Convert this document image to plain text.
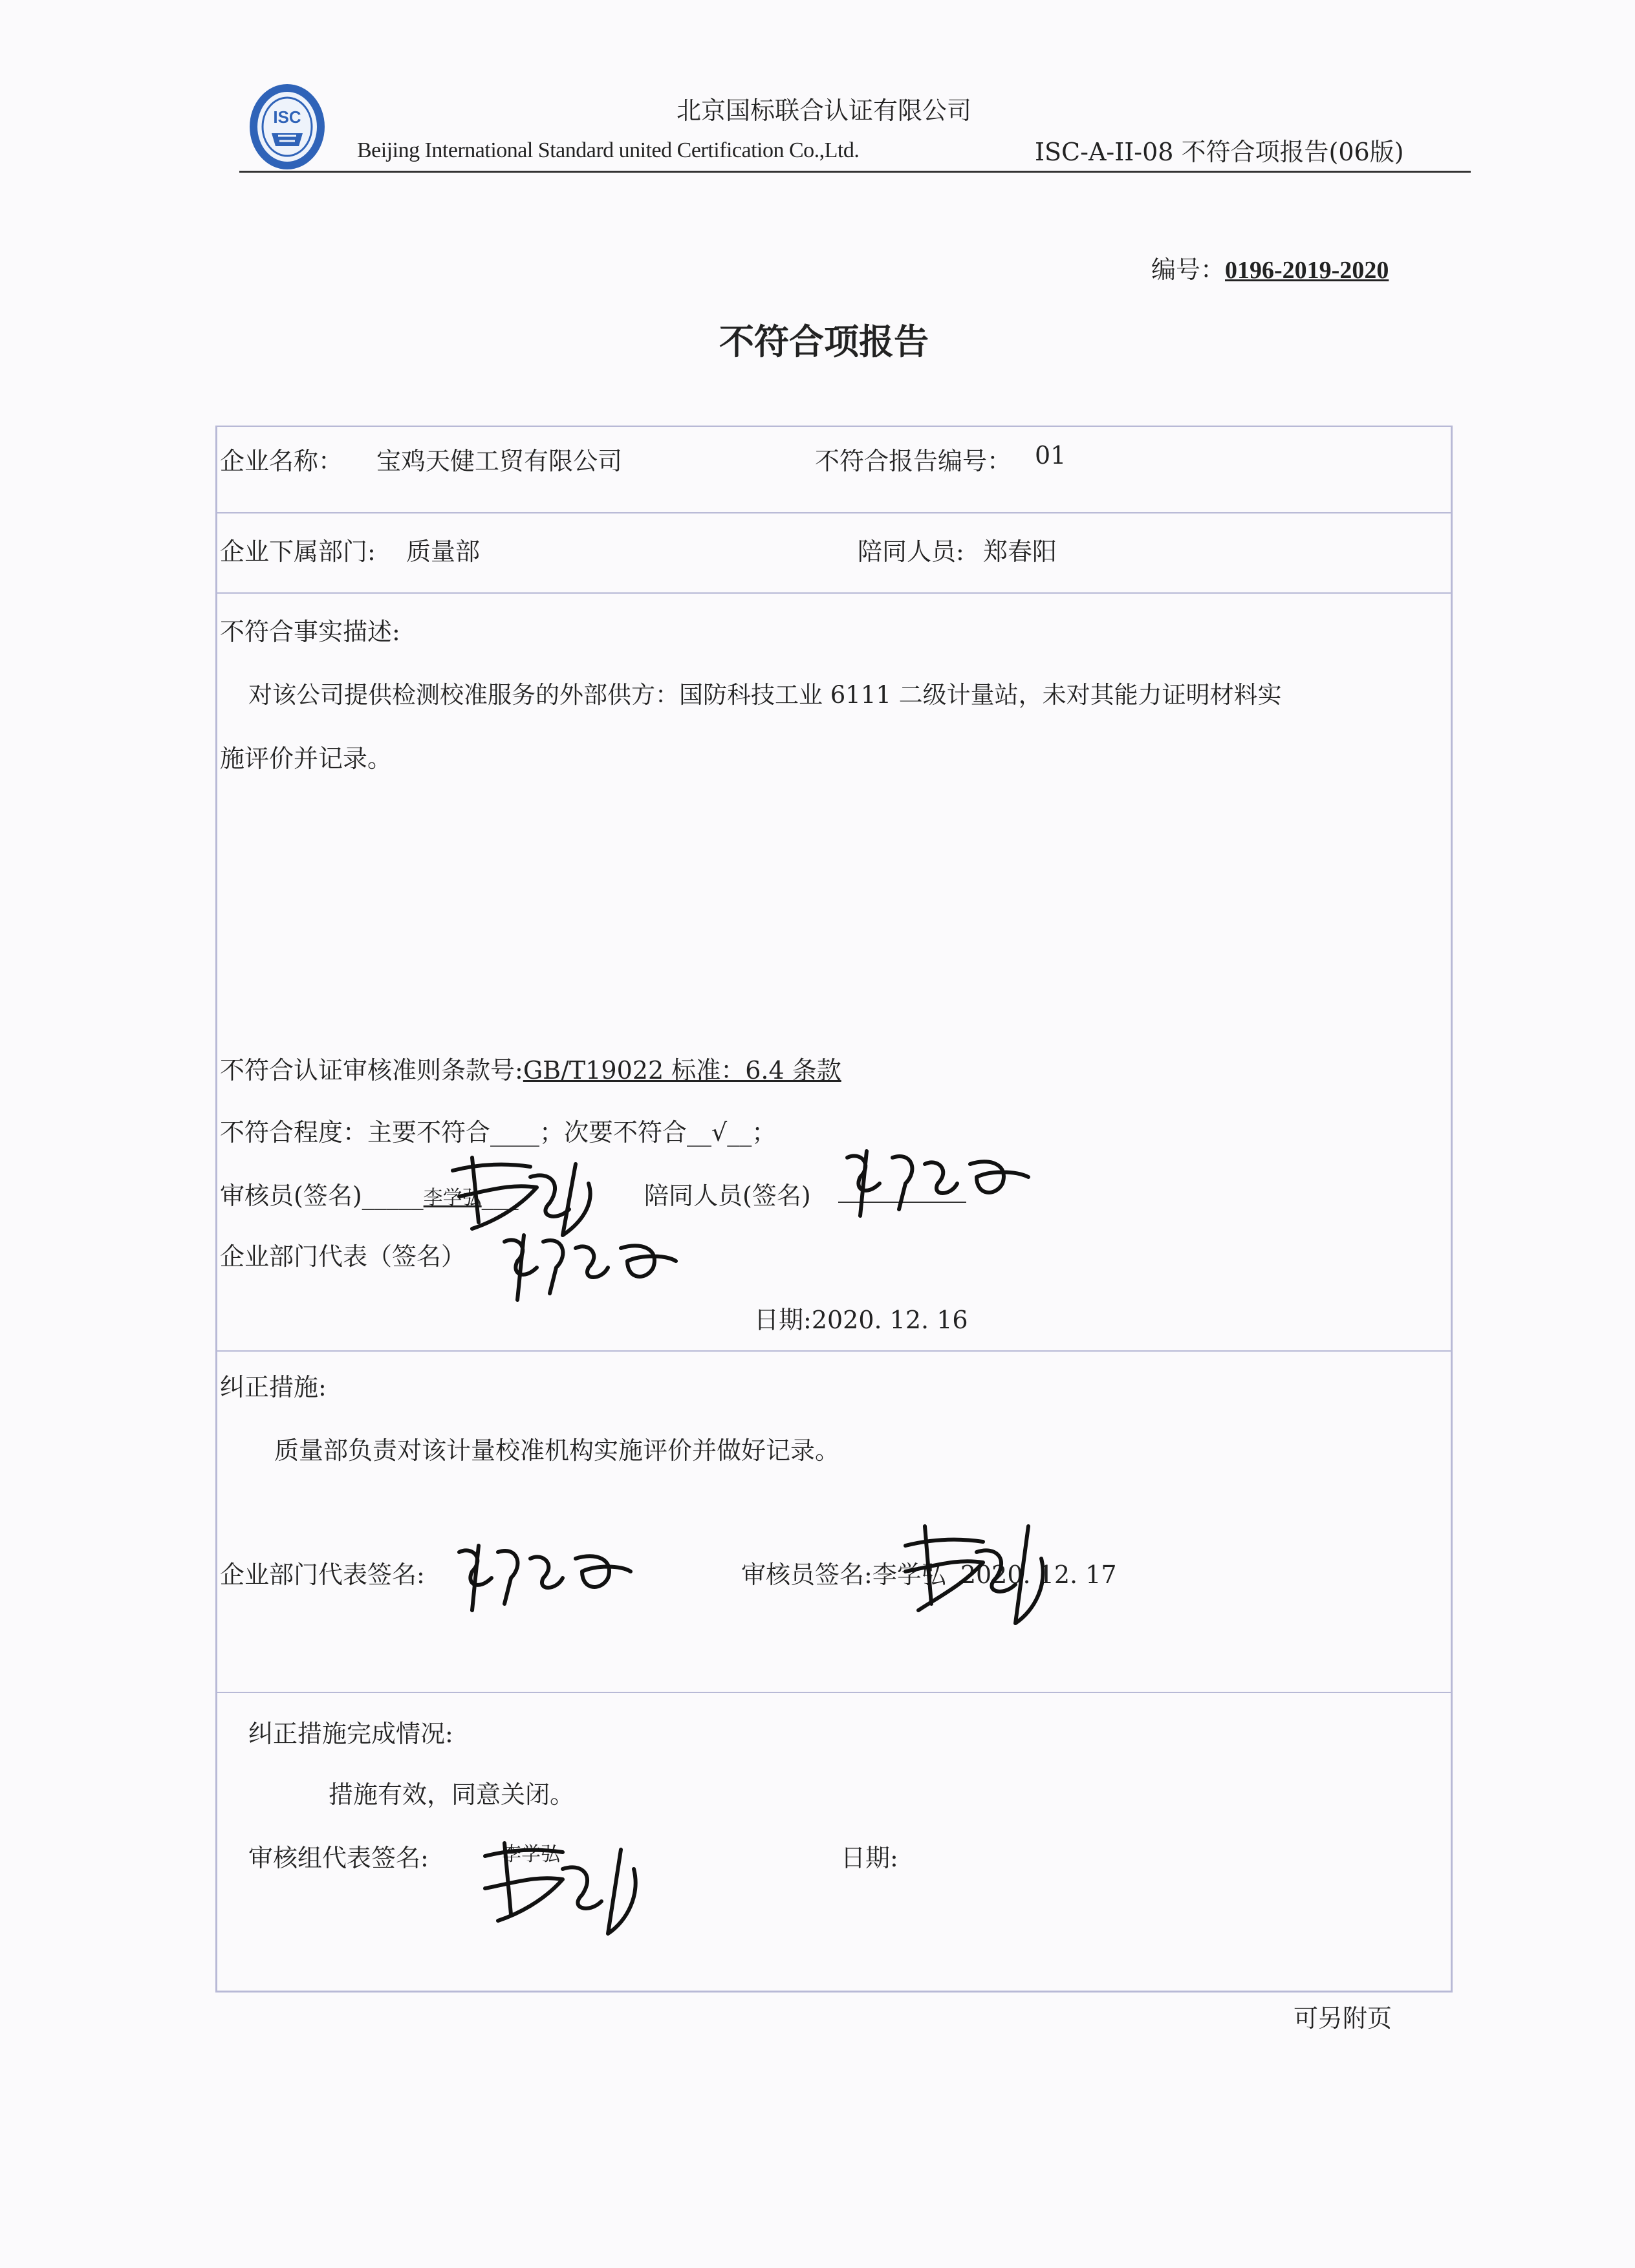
ISC	北京国标联合认证有限公司
Beijing International Standard united Certification Co.,Ltd.	ISC-A-II-08 不符合项报告(06版)
编号：0196-2019-2020
不符合项报告
企业名称： 宝鸡天健工贸有限公司	不符合报告编号： 01
企业下属部门: 质量部	陪同人员: 郑春阳
不符合事实描述:
对该公司提供检测校准服务的外部供方：国防科技工业 6111 二级计量站，未对其能力证明材料实
施评价并记录。
不符合认证审核准则条款号:GB/T19022 标准：6.4 条款
不符合程度：主要不符合____；次要不符合__√__；
审核员(签名)_____李学弘___	陪同人员(签名)
企业部门代表（签名）
日期:2020. 12. 16
纠正措施:
质量部负责对该计量校准机构实施评价并做好记录。
企业部门代表签名:	审核员签名:李学弘 2020. 12. 17
纠正措施完成情况:
措施有效，同意关闭。
审核组代表签名:	李学弘	日期:
可另附页
